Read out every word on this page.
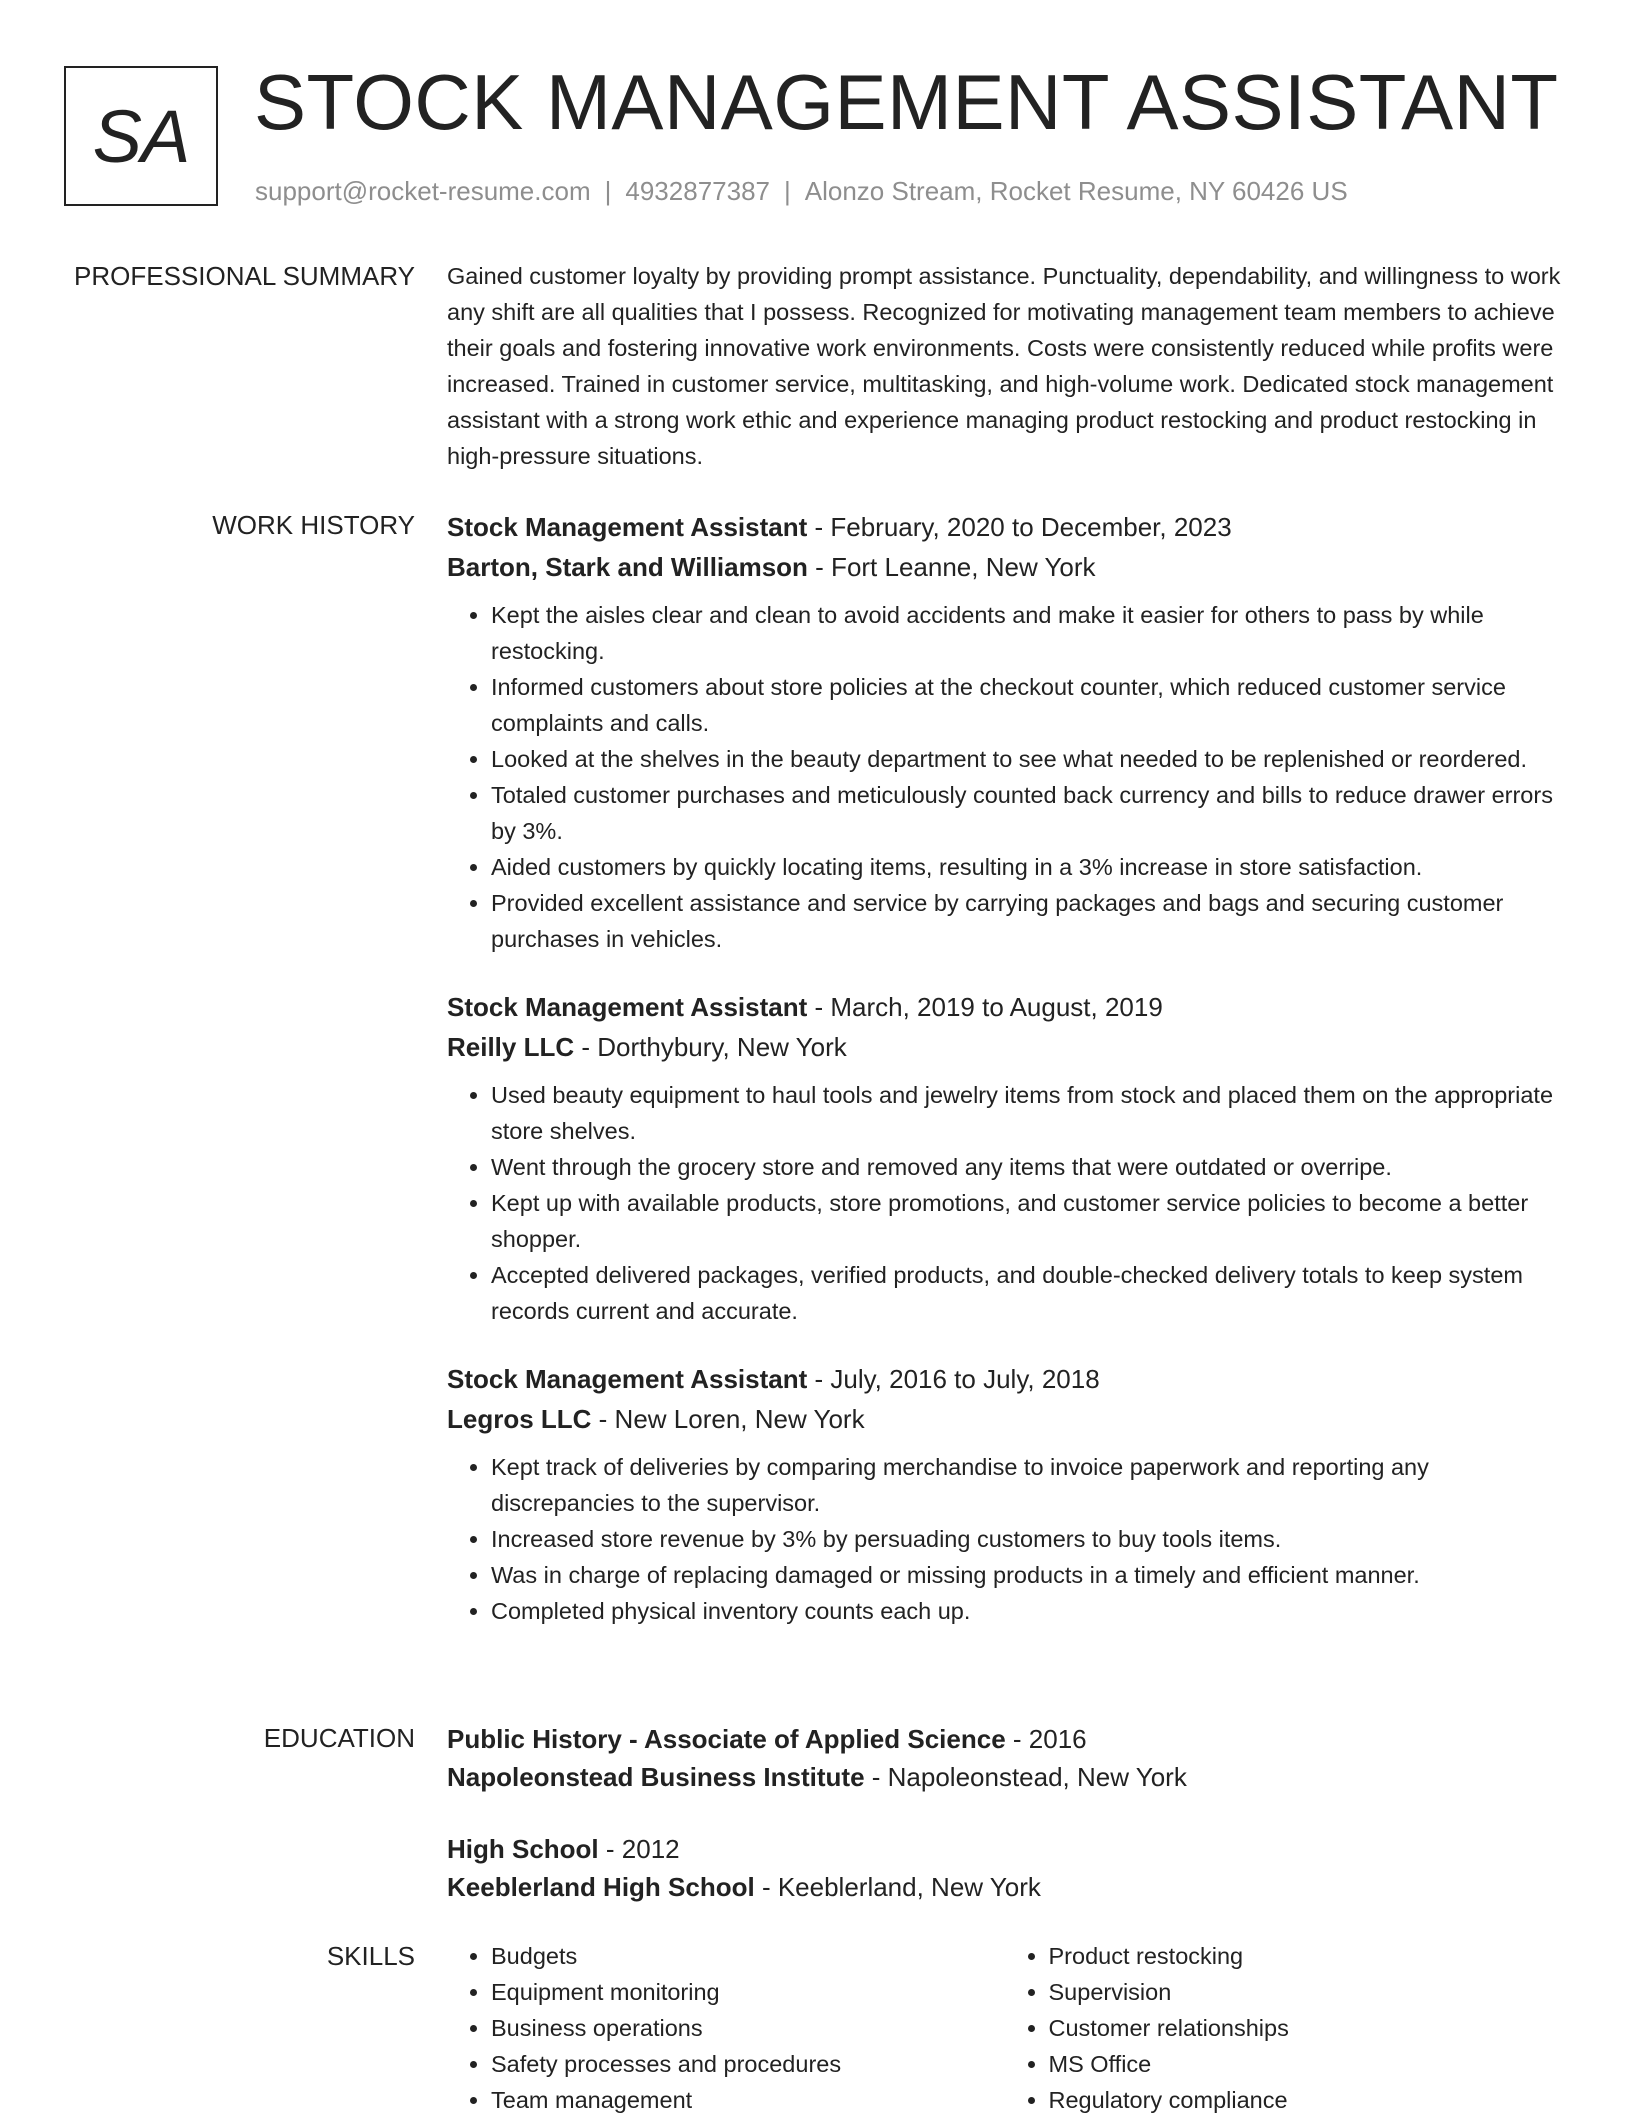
SA STOCK MANAGEMENT ASSISTANT
support@rocket-resume.com | 4932877387 | Alonzo Stream, Rocket Resume, NY 60426 US
PROFESSIONAL SUMMARY Gained customer loyalty by providing prompt assistance. Punctuality, dependability, and willingness to work any shift are all qualities that I possess. Recognized for motivating management team members to achieve their goals and fostering innovative work environments. Costs were consistently reduced while profits were increased. Trained in customer service, multitasking, and high-volume work. Dedicated stock management assistant with a strong work ethic and experience managing product restocking and product restocking in high-pressure situations.

WORK HISTORY Stock Management Assistant - February, 2020 to December, 2023

Barton, Stark and Williamson - Fort Leanne, New York

• Kept the aisles clear and clean to avoid accidents and make it easier for others to pass by while restocking.
• Informed customers about store policies at the checkout counter, which reduced customer service complaints and calls.
• Looked at the shelves in the beauty department to see what needed to be replenished or reordered.
• Totaled customer purchases and meticulously counted back currency and bills to reduce drawer errors by 3%.
• Aided customers by quickly locating items, resulting in a 3% increase in store satisfaction.
• Provided excellent assistance and service by carrying packages and bags and securing customer purchases in vehicles.

Stock Management Assistant - March, 2019 to August, 2019

Reilly LLC - Dorthybury, New York

• Used beauty equipment to haul tools and jewelry items from stock and placed them on the appropriate store shelves.
• Went through the grocery store and removed any items that were outdated or overripe.
• Kept up with available products, store promotions, and customer service policies to become a better shopper.
• Accepted delivered packages, verified products, and double-checked delivery totals to keep system records current and accurate.

Stock Management Assistant - July, 2016 to July, 2018

Legros LLC - New Loren, New York

• Kept track of deliveries by comparing merchandise to invoice paperwork and reporting any discrepancies to the supervisor.
• Increased store revenue by 3% by persuading customers to buy tools items.
• Was in charge of replacing damaged or missing products in a timely and efficient manner.
• Completed physical inventory counts each up.
EDUCATION Public History - Associate of Applied Science - 2016

Napoleonstead Business Institute - Napoleonstead, New York

High School - 2012

Keeblerland High School - Keeblerland, New York

SKILLS
•	Budgets
• Equipment monitoring
• Business operations
• Safety processes and procedures
• Team management
• Product restocking
• Supervision
• Customer relationships
• MS Office
• Regulatory compliance
